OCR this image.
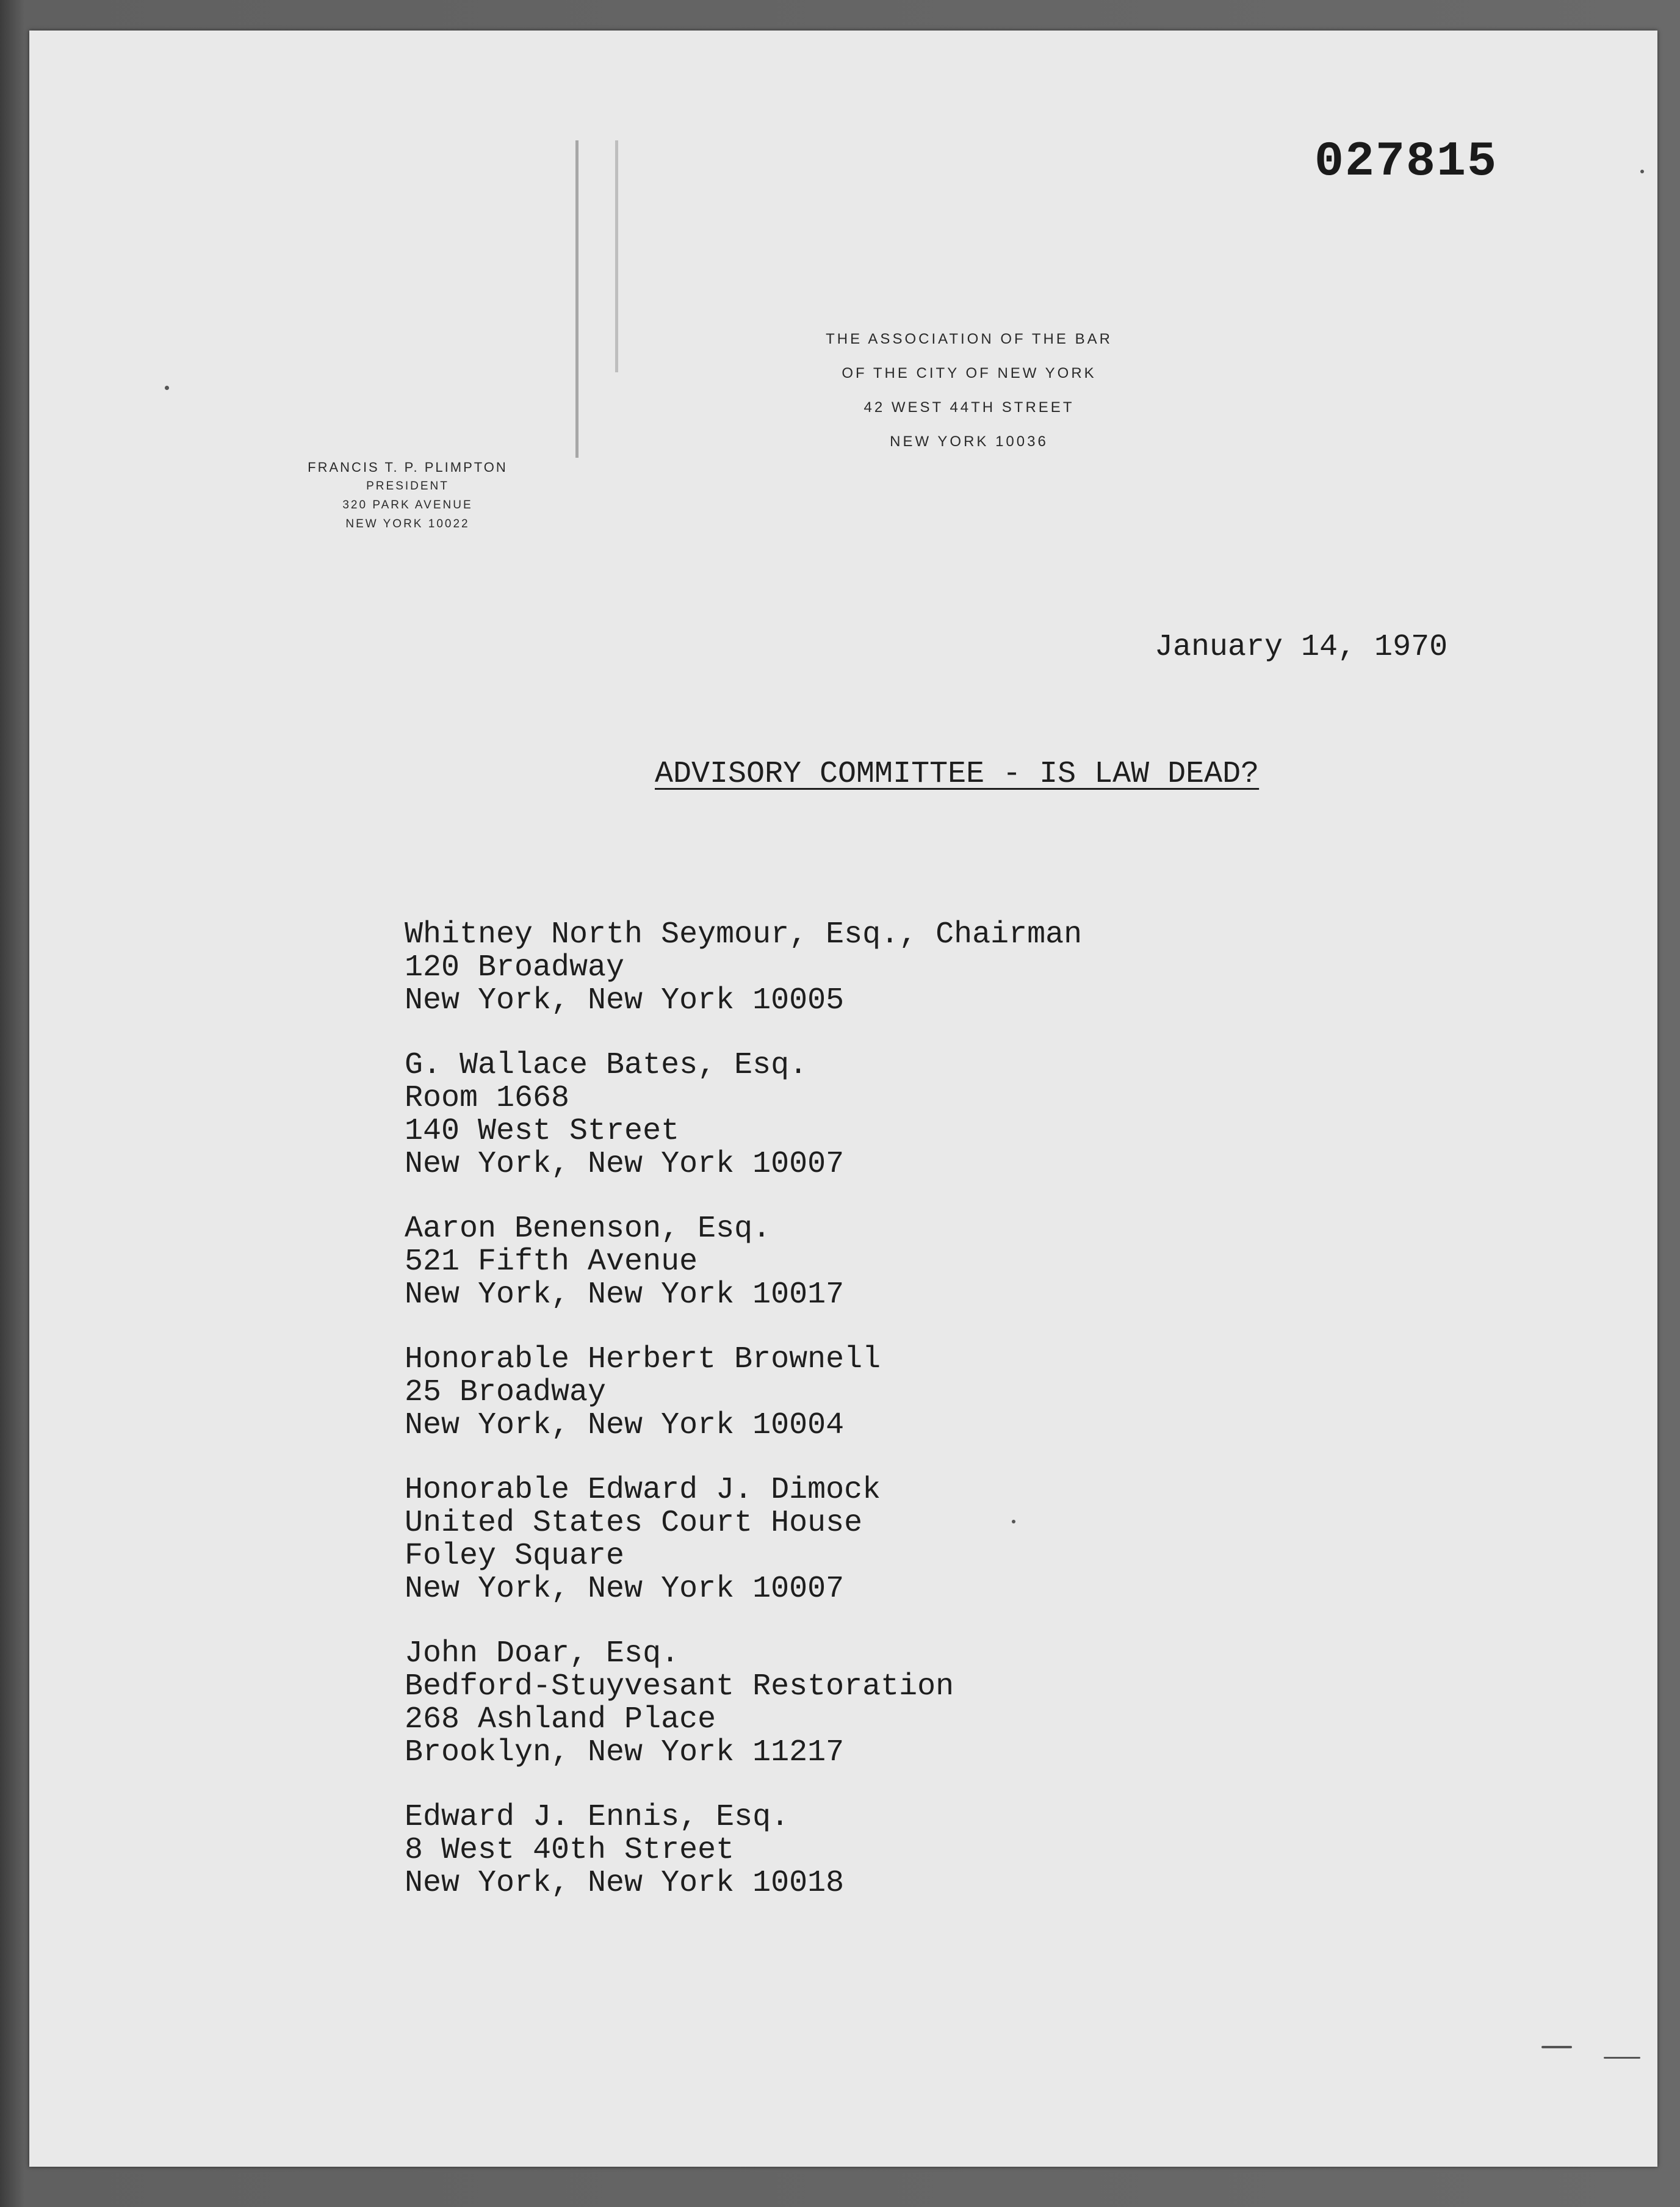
027815
THE ASSOCIATION OF THE BAR
OF THE CITY OF NEW YORK
42 WEST 44TH STREET
NEW YORK 10036
FRANCIS T. P. PLIMPTON
PRESIDENT
320 PARK AVENUE
NEW YORK 10022
January 14, 1970
ADVISORY COMMITTEE - IS LAW DEAD?
Whitney North Seymour, Esq., Chairman
120 Broadway
New York, New York 10005
G. Wallace Bates, Esq.
Room 1668
140 West Street
New York, New York 10007
Aaron Benenson, Esq.
521 Fifth Avenue
New York, New York 10017
Honorable Herbert Brownell
25 Broadway
New York, New York 10004
Honorable Edward J. Dimock
United States Court House
Foley Square
New York, New York 10007
John Doar, Esq.
Bedford-Stuyvesant Restoration
268 Ashland Place
Brooklyn, New York 11217
Edward J. Ennis, Esq.
8 West 40th Street
New York, New York 10018
